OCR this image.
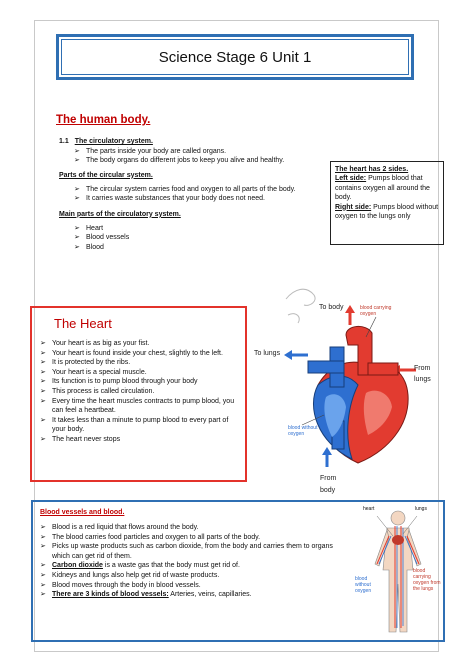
Science Stage 6 Unit 1
The human body.
1.1 The circulatory system.
➢ The parts inside your body are called organs.
➢ The body organs do different jobs to keep you alive and healthy.
Parts of the circular system.
➢ The circular system carries food and oxygen to all parts of the body.
➢ It carries waste substances that your body does not need.
Main parts of the circulatory system.
➢ Heart
➢ Blood vessels
➢ Blood
The heart has 2 sides.
Left side: Pumps blood that contains oxygen all around the body.
Right side: Pumps blood without oxygen to the lungs only
The Heart
➢ Your heart is as big as your fist.
➢ Your heart is found inside your chest, slightly to the left.
➢ It is protected by the ribs.
➢ Your heart is a special muscle.
➢ Its function is to pump blood through your body
➢ This process is called circulation.
➢ Every time the heart muscles contracts to pump blood, you can feel a heartbeat.
➢ It takes less than a minute to pump blood to every part of your body.
➢ The heart never stops
To body
To lungs
From lungs
From body
blood carrying oxygen
blood without oxygen
Blood vessels and blood.
➢ Blood is a red liquid that flows around the body.
➢ The blood carries food particles and oxygen to all parts of the body.
➢ Picks up waste products such as carbon dioxide, from the body and carries them to organs which can get rid of them.
➢ Carbon dioxide is a waste gas that the body must get rid of.
➢ Kidneys and lungs also help get rid of waste products.
➢ Blood moves through the body in blood vessels.
➢ There are 3 kinds of blood vessels: Arteries, veins, capillaries.
heart	lungs
blood without oxygen
blood carrying oxygen from the lungs
